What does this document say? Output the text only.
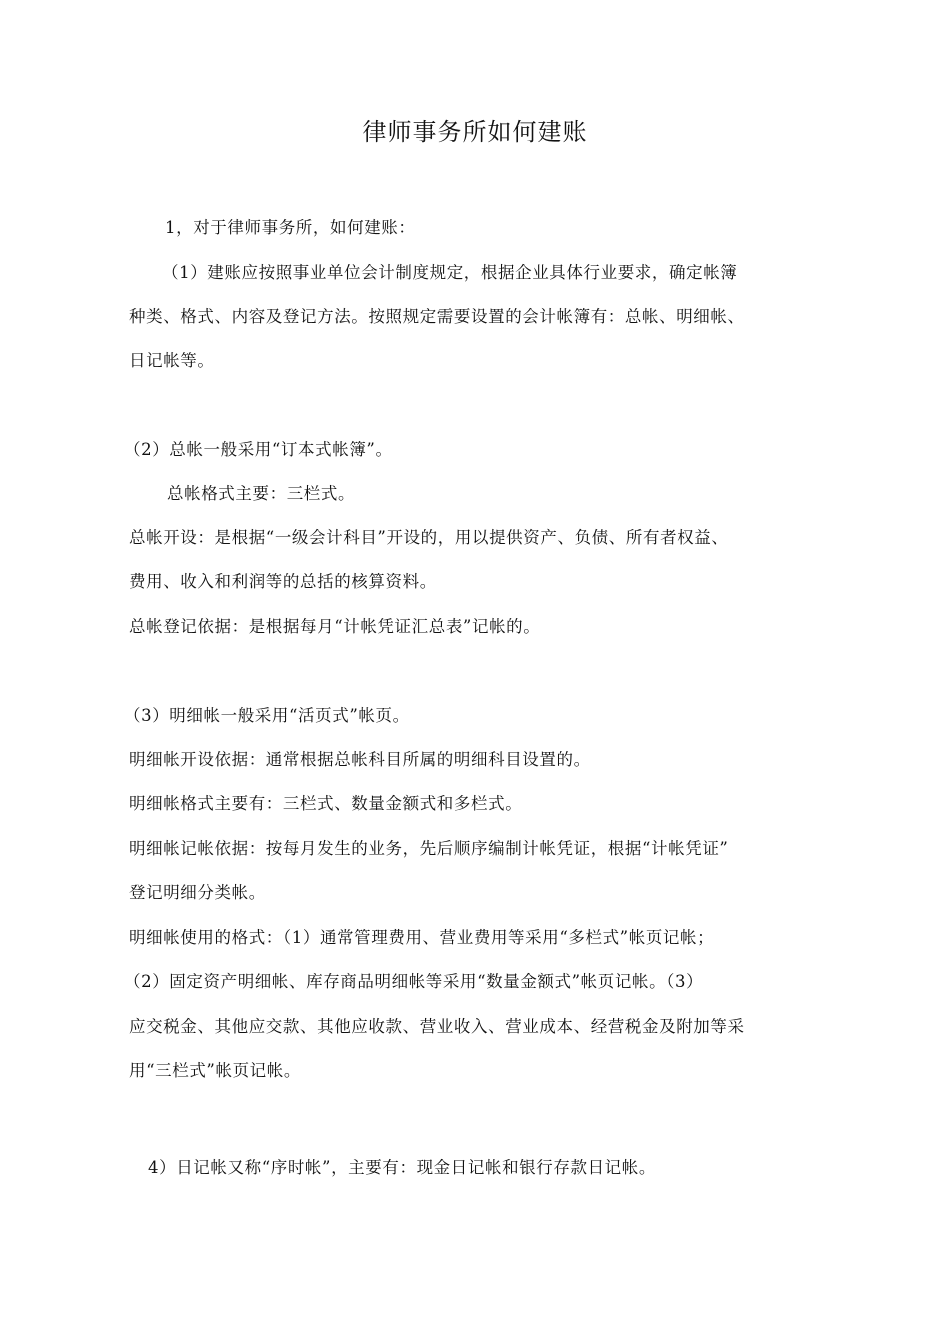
律师事务所如何建账
1，对于律师事务所，如何建账：
（1）建账应按照事业单位会计制度规定，根据企业具体行业要求，确定帐簿
种类、格式、内容及登记方法。按照规定需要设置的会计帐簿有：总帐、明细帐、
日记帐等。
（2）总帐一般采用“订本式帐簿”。
总帐格式主要：三栏式。
总帐开设：是根据“一级会计科目”开设的，用以提供资产、负债、所有者权益、
费用、收入和利润等的总括的核算资料。
总帐登记依据：是根据每月“计帐凭证汇总表”记帐的。
（3）明细帐一般采用“活页式”帐页。
明细帐开设依据：通常根据总帐科目所属的明细科目设置的。
明细帐格式主要有：三栏式、数量金额式和多栏式。
明细帐记帐依据：按每月发生的业务，先后顺序编制计帐凭证，根据“计帐凭证”
登记明细分类帐。
明细帐使用的格式：（1）通常管理费用、营业费用等采用“多栏式”帐页记帐；
（2）固定资产明细帐、库存商品明细帐等采用“数量金额式”帐页记帐。（3）
应交税金、其他应交款、其他应收款、营业收入、营业成本、经营税金及附加等采
用“三栏式”帐页记帐。
4）日记帐又称“序时帐”，主要有：现金日记帐和银行存款日记帐。
